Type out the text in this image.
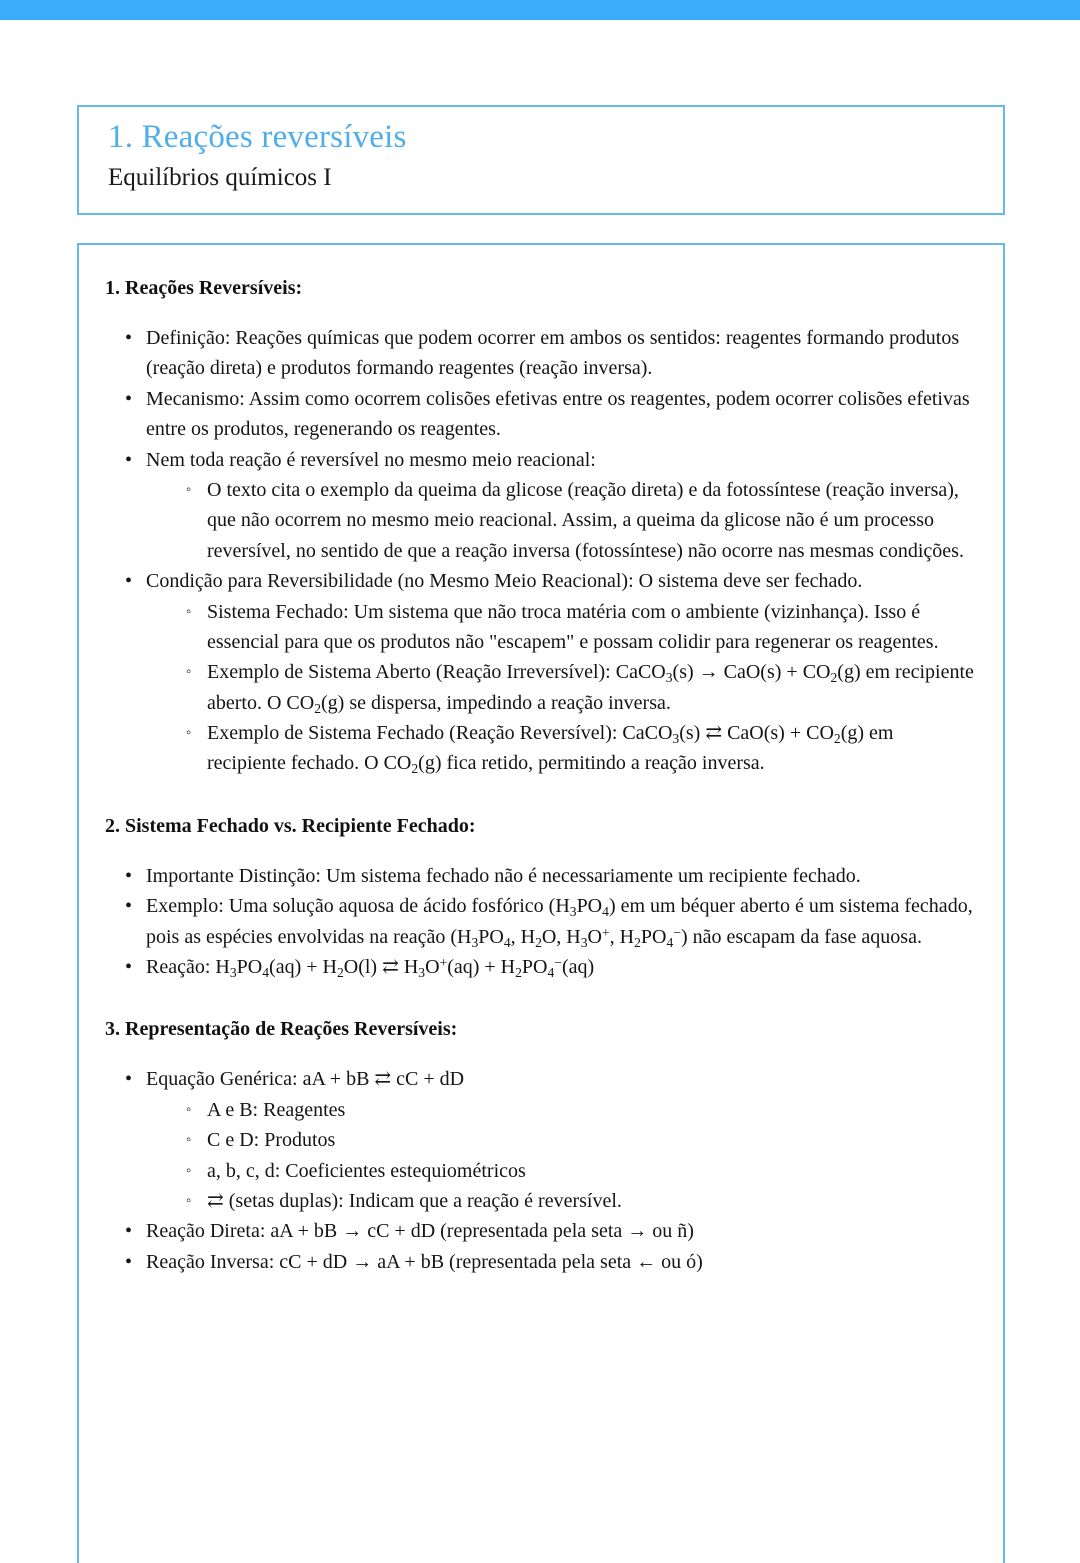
1. Reações reversíveis
Equilíbrios químicos I
1. Reações Reversíveis:
• Definição: Reações químicas que podem ocorrer em ambos os sentidos: reagentes formando produtos (reação direta) e produtos formando reagentes (reação inversa).
• Mecanismo: Assim como ocorrem colisões efetivas entre os reagentes, podem ocorrer colisões efetivas entre os produtos, regenerando os reagentes.
• Nem toda reação é reversível no mesmo meio reacional:
◦ O texto cita o exemplo da queima da glicose (reação direta) e da fotossíntese (reação inversa), que não ocorrem no mesmo meio reacional. Assim, a queima da glicose não é um processo reversível, no sentido de que a reação inversa (fotossíntese) não ocorre nas mesmas condições.
• Condição para Reversibilidade (no Mesmo Meio Reacional): O sistema deve ser fechado.
◦ Sistema Fechado: Um sistema que não troca matéria com o ambiente (vizinhança). Isso é essencial para que os produtos não "escapem" e possam colidir para regenerar os reagentes.
◦ Exemplo de Sistema Aberto (Reação Irreversível): CaCO$_3$(s) → $CaO(s) + CO_2(g)$ em recipiente aberto. O $CO_2(g)$ se dispersa, impedindo a reação inversa.
◦ Exemplo de Sistema Fechado (Reação Reversível): CaCO$_3$(s) ⇄ $CaO(s) + CO_2(g)$ em recipiente fechado. O $CO_2(g)$ fica retido, permitindo a reação inversa.
2. Sistema Fechado vs. Recipiente Fechado:
• Importante Distinção: Um sistema fechado não é necessariamente um recipiente fechado.
• Exemplo: Uma solução aquosa de ácido fosfórico $(H_3PO_4)$ em um béquer aberto é um sistema fechado, pois as espécies envolvidas na reação ($H_3PO_4$, $H_2O$, $H_3O^+$, $H_2PO_4^-$) não escapam da fase aquosa.
• Reação: $H_3PO_4(aq) + H_2O(l)$ ⇄ $H_3O^+(aq) + H_2PO_4^-(aq)$
3. Representação de Reações Reversíveis:
• Equação Genérica: aA + bB ⇄ cC + dD
◦ A e B: Reagentes
◦ C e D: Produtos
◦ a, b, c, d: Coeficientes estequiométricos
◦ ⇄ (setas duplas): Indicam que a reação é reversível.
• Reação Direta: aA + bB → cC + dD (representada pela seta → ou ñ)
• Reação Inversa: cC + dD → aA + bB (representada pela seta ← ou ó)
